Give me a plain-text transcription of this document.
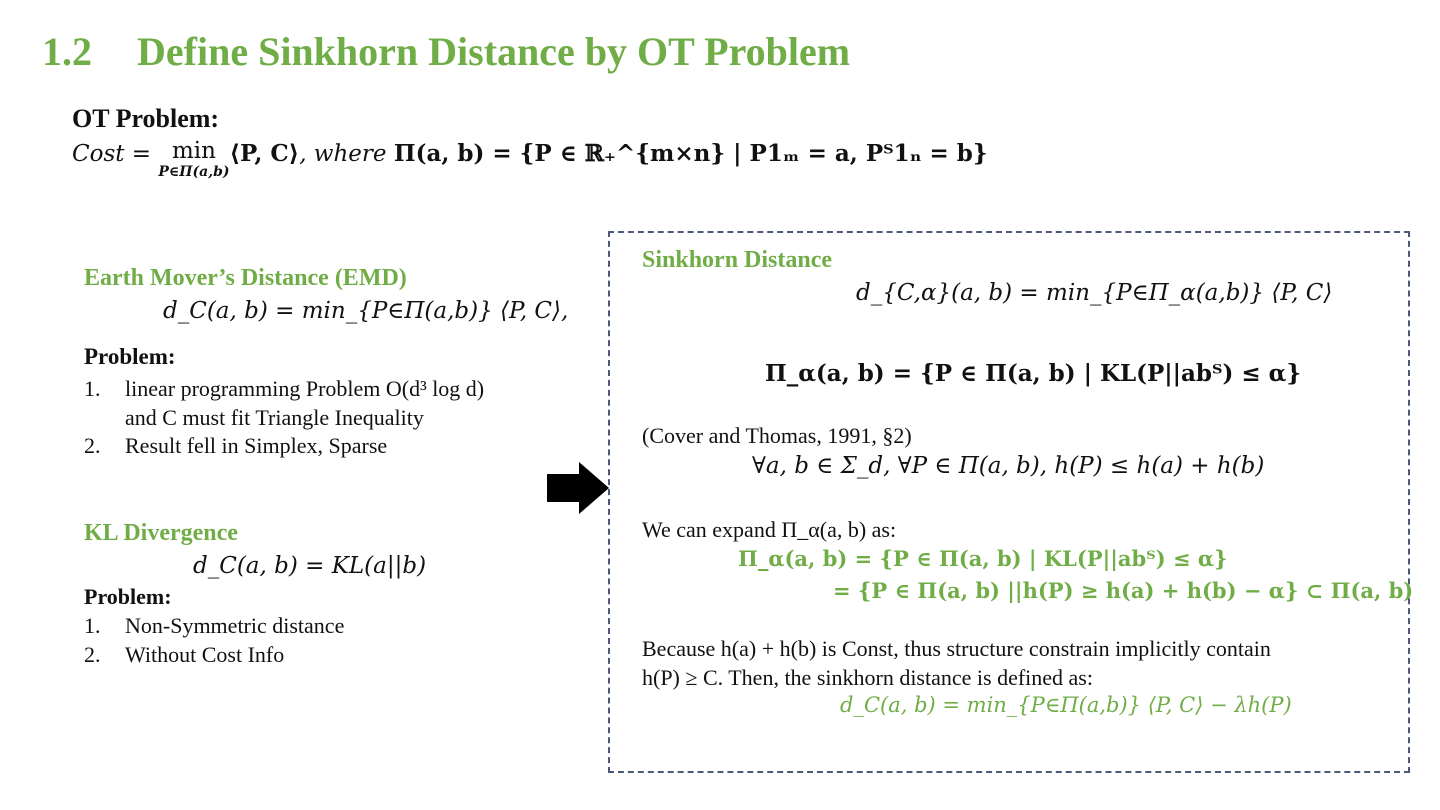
1.2 Define Sinkhorn Distance by OT Problem
OT Problem:
Cost = min
P∈Π(a,b)
⟨P, C⟩, where Π(a, b) = {P ∈ ℝ₊^{m×n} | P1ₘ = a, Pᵀ1ₙ = b}
Earth Mover’s Distance (EMD)
d_C(a, b) = min_{P∈Π(a,b)} ⟨P, C⟩,
Problem:
1. linear programming Problem O(d³ log d)
and C must fit Triangle Inequality
2. Result fell in Simplex, Sparse
KL Divergence
d_C(a, b) = KL(a||b)
Problem:
1. Non-Symmetric distance
2. Without Cost Info
Sinkhorn Distance
d_{C,α}(a, b) = min_{P∈Π_α(a,b)} ⟨P, C⟩
Π_α(a, b) = {P ∈ Π(a, b) | KL(P||abᵀ) ≤ α}
(Cover and Thomas, 1991, §2)
∀a, b ∈ Σ_d, ∀P ∈ Π(a, b), h(P) ≤ h(a) + h(b)
We can expand Π_α(a, b) as:
Π_α(a, b) = {P ∈ Π(a, b) | KL(P||abᵀ) ≤ α}
= {P ∈ Π(a, b) ||h(P) ≥ h(a) + h(b) − α} ⊂ Π(a, b)
Because h(a) + h(b) is Const, thus structure constrain implicitly contain
h(P) ≥ C. Then, the sinkhorn distance is defined as:
d_C(a, b) = min_{P∈Π(a,b)} ⟨P, C⟩ − λh(P)
